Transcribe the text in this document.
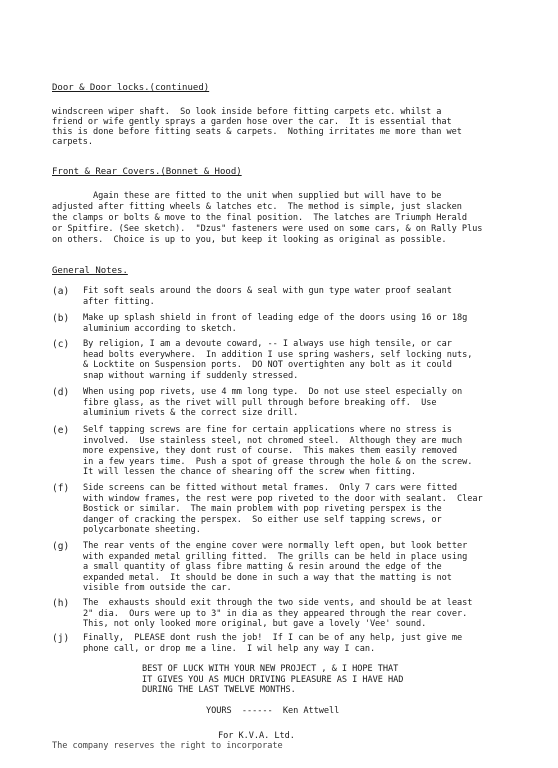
Door & Door locks.(continued)
windscreen wiper shaft.  So look inside before fitting carpets etc. whilst a
friend or wife gently sprays a garden hose over the car.  It is essential that
this is done before fitting seats & carpets.  Nothing irritates me more than wet
carpets.
Front & Rear Covers.(Bonnet & Hood)
Again these are fitted to the unit when supplied but will have to be
adjusted after fitting wheels & latches etc.  The method is simple, just slacken
the clamps or bolts & move to the final position.  The latches are Triumph Herald
or Spitfire. (See sketch).  "Dzus" fasteners were used on some cars, & on Rally Plus
on others.  Choice is up to you, but keep it looking as original as possible.
General Notes.
(a) Fit soft seals around the doors & seal with gun type water proof sealant
after fitting.
(b) Make up splash shield in front of leading edge of the doors using 16 or 18g
aluminium according to sketch.
(c) By religion, I am a devoute coward, -- I always use high tensile, or car
head bolts everywhere.  In addition I use spring washers, self locking nuts,
& Locktite on Suspension ports.  DO NOT overtighten any bolt as it could
snap without warning if suddenly stressed.
(d) When using pop rivets, use 4 mm long type.  Do not use steel especially on
fibre glass, as the rivet will pull through before breaking off.  Use
aluminium rivets & the correct size drill.
(e) Self tapping screws are fine for certain applications where no stress is
involved.  Use stainless steel, not chromed steel.  Although they are much
more expensive, they dont rust of course.  This makes them easily removed
in a few years time.  Push a spot of grease through the hole & on the screw.
It will lessen the chance of shearing off the screw when fitting.
(f) Side screens can be fitted without metal frames.  Only 7 cars were fitted
with window frames, the rest were pop riveted to the door with sealant.  Clear
Bostick or similar.  The main problem with pop riveting perspex is the
danger of cracking the perspex.  So either use self tapping screws, or
polycarbonate sheeting.
(g) The rear vents of the engine cover were normally left open, but look better
with expanded metal grilling fitted.  The grills can be held in place using
a small quantity of glass fibre matting & resin around the edge of the
expanded metal.  It should be done in such a way that the matting is not
visible from outside the car.
(h) The  exhausts should exit through the two side vents, and should be at least
2" dia.  Ours were up to 3" in dia as they appeared through the rear cover.
This, not only looked more original, but gave a lovely 'Vee' sound.
(j) Finally,  PLEASE dont rush the job!  If I can be of any help, just give me
phone call, or drop me a line.  I wil help any way I can.
BEST OF LUCK WITH YOUR NEW PROJECT , & I HOPE THAT
IT GIVES YOU AS MUCH DRIVING PLEASURE AS I HAVE HAD
DURING THE LAST TWELVE MONTHS.
YOURS  ------  Ken Attwell
For K.V.A. Ltd.
The company reserves the right to incorporate
